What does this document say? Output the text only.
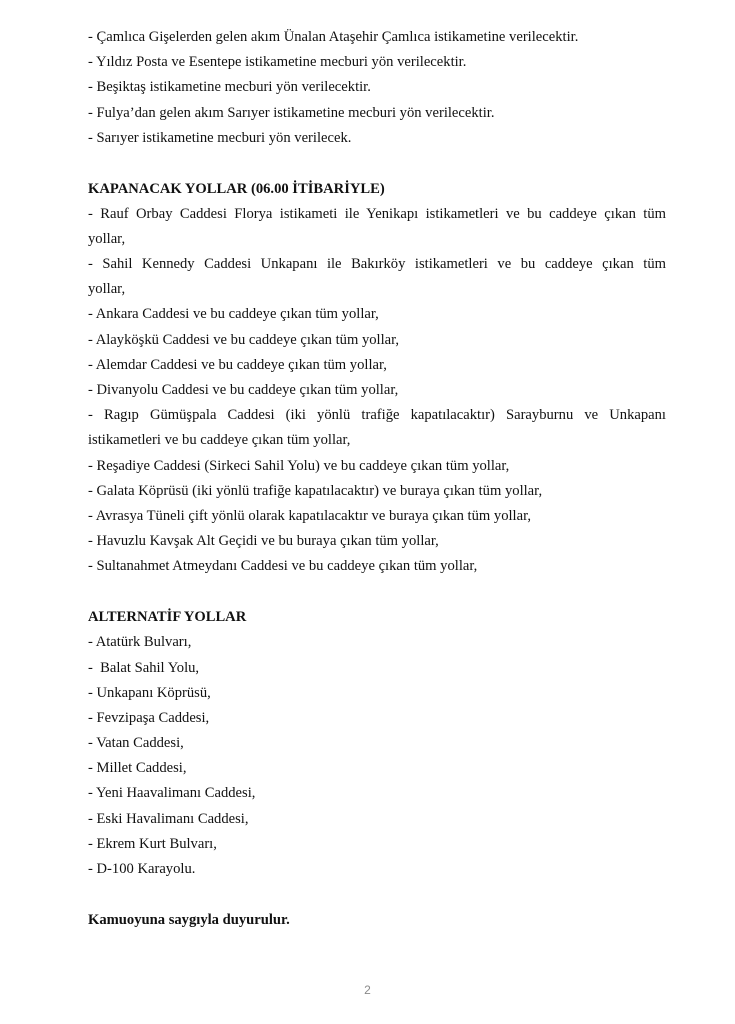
- Çamlıca Gişelerden gelen akım Ünalan Ataşehir Çamlıca istikametine verilecektir.
- Yıldız Posta ve Esentepe istikametine mecburi yön verilecektir.
- Beşiktaş istikametine mecburi yön verilecektir.
- Fulya’dan gelen akım Sarıyer istikametine mecburi yön verilecektir.
- Sarıyer istikametine mecburi yön verilecek.
KAPANACAK YOLLAR (06.00 İTİBARİYLE)
- Rauf Orbay Caddesi Florya istikameti ile Yenikapı istikametleri ve bu caddeye çıkan tüm
yollar,
- Sahil Kennedy Caddesi Unkapanı ile Bakırköy istikametleri ve bu caddeye çıkan tüm
yollar,
- Ankara Caddesi ve bu caddeye çıkan tüm yollar,
- Alayköşkü Caddesi ve bu caddeye çıkan tüm yollar,
- Alemdar Caddesi ve bu caddeye çıkan tüm yollar,
- Divanyolu Caddesi ve bu caddeye çıkan tüm yollar,
- Ragıp Gümüşpala Caddesi (iki yönlü trafiğe kapatılacaktır) Sarayburnu ve Unkapanı
istikametleri ve bu caddeye çıkan tüm yollar,
- Reşadiye Caddesi (Sirkeci Sahil Yolu) ve bu caddeye çıkan tüm yollar,
- Galata Köprüsü (iki yönlü trafiğe kapatılacaktır) ve buraya çıkan tüm yollar,
- Avrasya Tüneli çift yönlü olarak kapatılacaktır ve buraya çıkan tüm yollar,
- Havuzlu Kavşak Alt Geçidi ve bu buraya çıkan tüm yollar,
- Sultanahmet Atmeydanı Caddesi ve bu caddeye çıkan tüm yollar,
ALTERNATİF YOLLAR
- Atatürk Bulvarı,
-  Balat Sahil Yolu,
- Unkapanı Köprüsü,
- Fevzipaşa Caddesi,
- Vatan Caddesi,
- Millet Caddesi,
- Yeni Haavalimanı Caddesi,
- Eski Havalimanı Caddesi,
- Ekrem Kurt Bulvarı,
- D-100 Karayolu.
Kamuoyuna saygıyla duyurulur.
2
